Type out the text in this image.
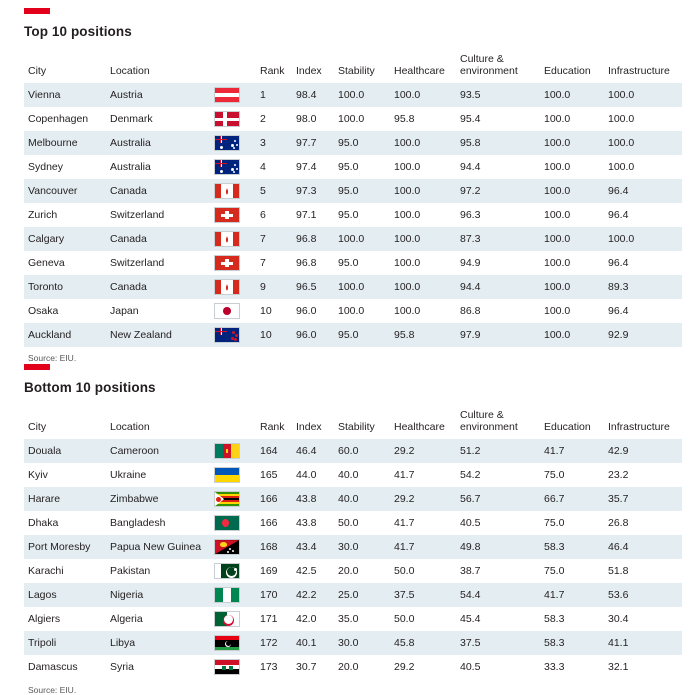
Top 10 positions
City	Location		Rank	Index	Stability	Healthcare	Culture & environment	Education	Infrastructure
Vienna	Austria		1	98.4	100.0	100.0	93.5	100.0	100.0
Copenhagen	Denmark		2	98.0	100.0	95.8	95.4	100.0	100.0
Melbourne	Australia		3	97.7	95.0	100.0	95.8	100.0	100.0
Sydney	Australia		4	97.4	95.0	100.0	94.4	100.0	100.0
Vancouver	Canada		5	97.3	95.0	100.0	97.2	100.0	96.4
Zurich	Switzerland		6	97.1	95.0	100.0	96.3	100.0	96.4
Calgary	Canada		7	96.8	100.0	100.0	87.3	100.0	100.0
Geneva	Switzerland		7	96.8	95.0	100.0	94.9	100.0	96.4
Toronto	Canada		9	96.5	100.0	100.0	94.4	100.0	89.3
Osaka	Japan		10	96.0	100.0	100.0	86.8	100.0	96.4
Auckland	New Zealand		10	96.0	95.0	95.8	97.9	100.0	92.9
Source: EIU.
Bottom 10 positions
City	Location		Rank	Index	Stability	Healthcare	Culture & environment	Education	Infrastructure
Douala	Cameroon		164	46.4	60.0	29.2	51.2	41.7	42.9
Kyiv	Ukraine		165	44.0	40.0	41.7	54.2	75.0	23.2
Harare	Zimbabwe		166	43.8	40.0	29.2	56.7	66.7	35.7
Dhaka	Bangladesh		166	43.8	50.0	41.7	40.5	75.0	26.8
Port Moresby	Papua New Guinea		168	43.4	30.0	41.7	49.8	58.3	46.4
Karachi	Pakistan		169	42.5	20.0	50.0	38.7	75.0	51.8
Lagos	Nigeria		170	42.2	25.0	37.5	54.4	41.7	53.6
Algiers	Algeria		171	42.0	35.0	50.0	45.4	58.3	30.4
Tripoli	Libya		172	40.1	30.0	45.8	37.5	58.3	41.1
Damascus	Syria		173	30.7	20.0	29.2	40.5	33.3	32.1
Source: EIU.
